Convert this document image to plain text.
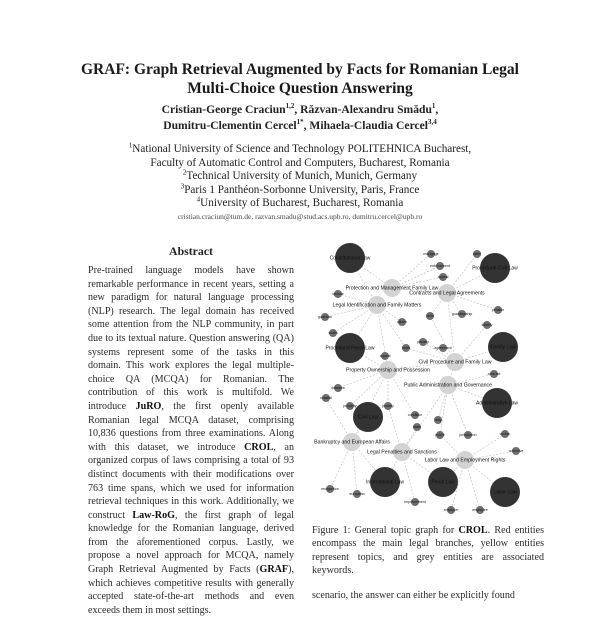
GRAF: Graph Retrieval Augmented by Facts for Romanian Legal
Multi-Choice Question Answering
Cristian-George Craciun$^{1,2}$, Răzvan-Alexandru Smădu$^1$,
Dumitru-Clementin Cercel$^{1*}$, Mihaela-Claudia Cercel$^{3,4}$
$^1$National University of Science and Technology POLITEHNICA Bucharest,
Faculty of Automatic Control and Computers, Bucharest, Romania
$^2$Technical University of Munich, Munich, Germany
$^3$Paris 1 Panthéon-Sorbonne University, Paris, France
$^4$University of Bucharest, Bucharest, Romania
cristian.craciun@tum.de, razvan.smadu@stud.acs.upb.ro, dumitru.cercel@upb.ro
Abstract
Pre-trained language models have shown remarkable performance in recent years, setting a new paradigm for natural language processing (NLP) research. The legal domain has received some attention from the NLP community, in part due to its textual nature. Question answering (QA) systems represent some of the tasks in this domain. This work explores the legal multiple-choice QA (MCQA) for Romanian. The contribution of this work is multifold. We introduce JuRO, the first openly available Romanian legal MCQA dataset, comprising 10,836 questions from three examinations. Along with this dataset, we introduce CROL, an organized corpus of laws comprising a total of 93 distinct documents with their modifications over 763 time spans, which we used for information retrieval techniques in this work. Additionally, we construct Law-RoG, the first graph of legal knowledge for the Romanian language, derived from the aforementioned corpus. Lastly, we propose a novel approach for MCQA, namely Graph Retrieval Augmented by Facts (GRAF), which achieves competitive results with generally accepted state-of-the-art methods and even exceeds them in most settings.
Constitutional Law
Procedural Civil Law
Procedural Penal Law	Family Law
Civil Law
Administrative Law
International Law	Penal Law
Labor Law
mortgage
enforcement
appeal
claim
spouse
guardian
citizen
child	guardianship
pension
liability
victim
heirs
penalty
agreement
appeal
contract
detainee
notarial
property	penalty
condition
duty
state
public	jurisdiction	worker
collective
recognition
european
imprisonment
employer	employee
Protection and Management Family Law
Legal Identification and Family Matters
Contracts and Legal Agreements
Civil Procedure and Family Law
Property Ownership and Possession
Public Administration and Governance
Bankruptcy and European Affairs
Legal Penalties and Sanctions
Labor Law and Employment Rights
Figure 1: General topic graph for CROL. Red entities encompass the main legal branches, yellow entities represent topics, and grey entities are associated keywords.
scenario, the answer can either be explicitly found
